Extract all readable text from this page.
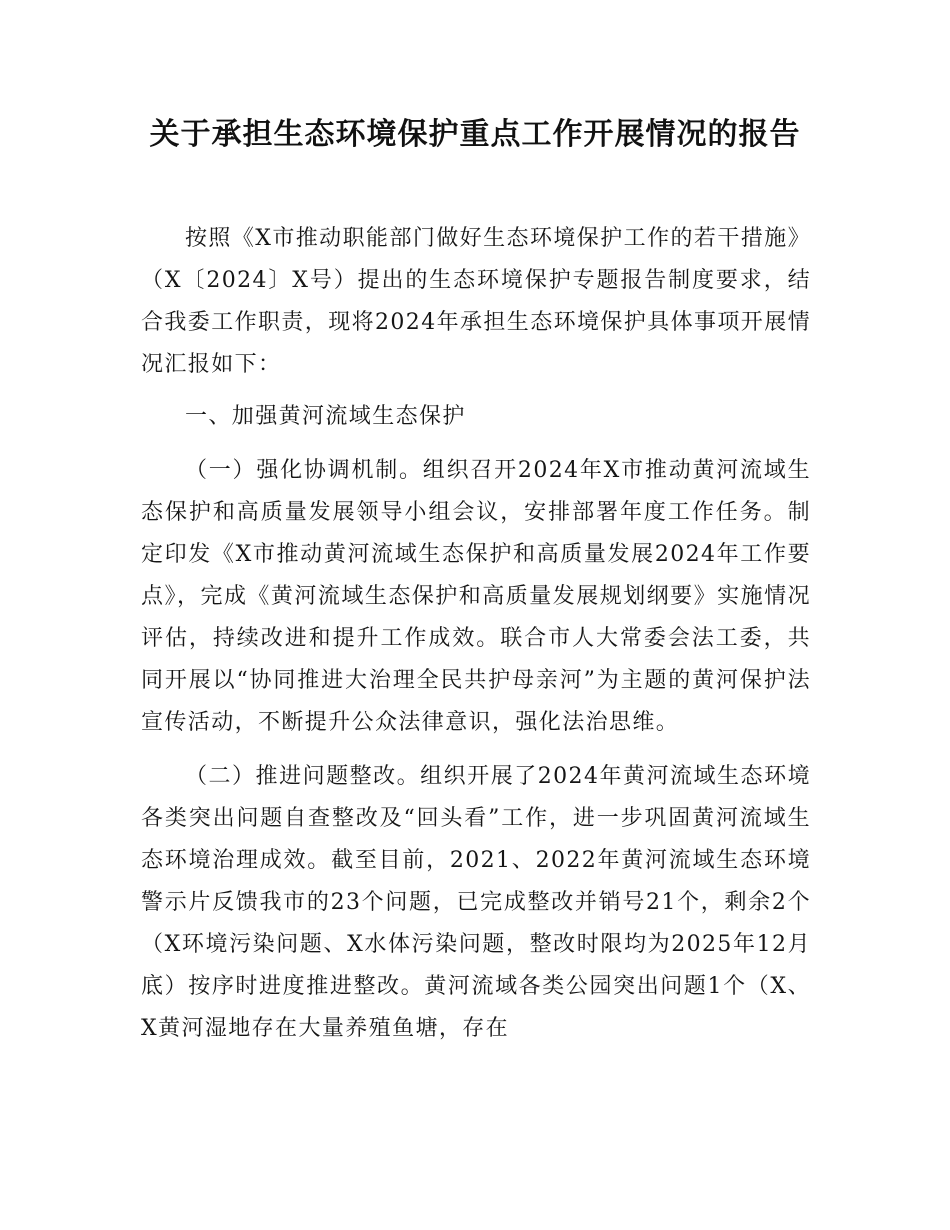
关于承担生态环境保护重点工作开展情况的报告

按照《X市推动职能部门做好生态环境保护工作的若干措施》（X〔2024〕X号）提出的生态环境保护专题报告制度要求，结合我委工作职责，现将2024年承担生态环境保护具体事项开展情况汇报如下：

一、加强黄河流域生态保护

（一）强化协调机制。组织召开2024年X市推动黄河流域生态保护和高质量发展领导小组会议，安排部署年度工作任务。制定印发《X市推动黄河流域生态保护和高质量发展2024年工作要点》，完成《黄河流域生态保护和高质量发展规划纲要》实施情况评估，持续改进和提升工作成效。联合市人大常委会法工委，共同开展以“协同推进大治理全民共护母亲河”为主题的黄河保护法宣传活动，不断提升公众法律意识，强化法治思维。

（二）推进问题整改。组织开展了2024年黄河流域生态环境各类突出问题自查整改及“回头看”工作，进一步巩固黄河流域生态环境治理成效。截至目前，2021、2022年黄河流域生态环境警示片反馈我市的23个问题，已完成整改并销号21个，剩余2个（X环境污染问题、X水体污染问题，整改时限均为2025年12月底）按序时进度推进整改。黄河流域各类公园突出问题1个（X、X黄河湿地存在大量养殖鱼塘，存在
